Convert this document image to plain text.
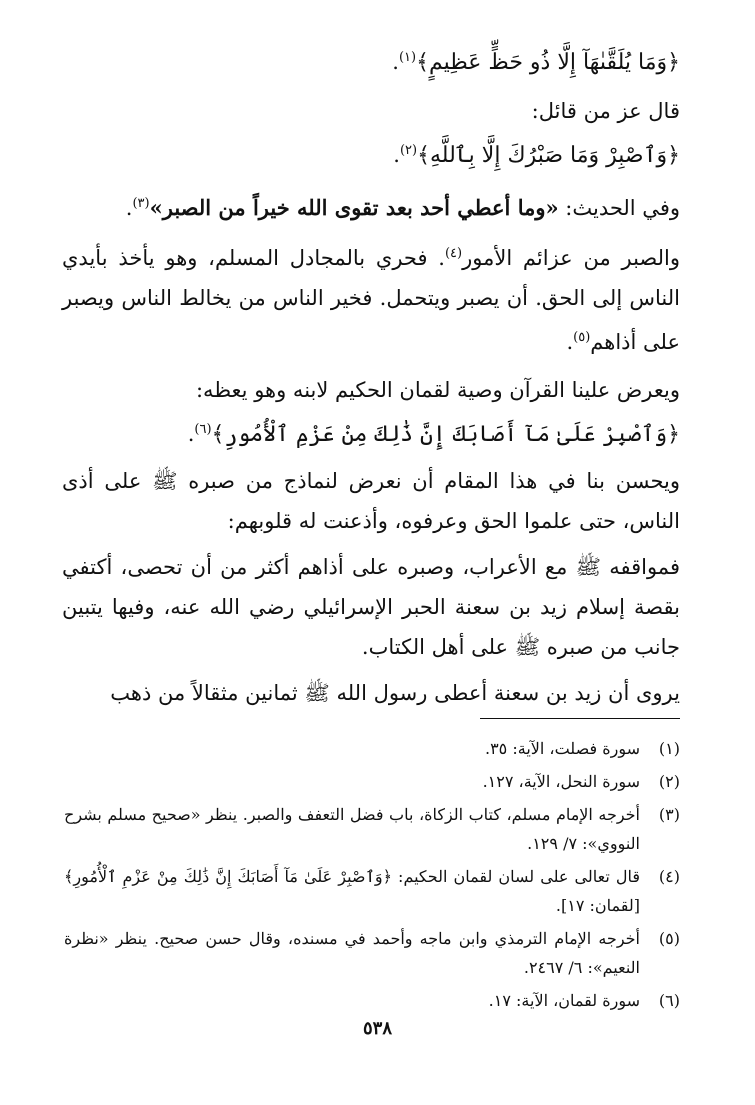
﴿وَمَا يُلَقَّىٰهَآ إِلَّا ذُو حَظٍّ عَظِيمٍ﴾$^{(١)}$.
قال عز من قائل:
﴿وَٱصْبِرْ وَمَا صَبْرُكَ إِلَّا بِٱللَّهِ﴾$^{(٢)}$.
وفي الحديث: «وما أعطي أحد بعد تقوى الله خيراً من الصبر»$^{(٣)}$.
والصبر من عزائم الأمور$^{(٤)}$. فحري بالمجادل المسلم، وهو يأخذ بأيدي الناس إلى الحق. أن يصبر ويتحمل. فخير الناس من يخالط الناس ويصبر على أذاهم$^{(٥)}$.
ويعرض علينا القرآن وصية لقمان الحكيم لابنه وهو يعظه:
﴿وَٱصْبِرْ عَلَىٰ مَآ أَصَابَكَ إِنَّ ذَٰلِكَ مِنْ عَزْمِ ٱلْأُمُورِ﴾$^{(٦)}$.
ويحسن بنا في هذا المقام أن نعرض لنماذج من صبره ﷺ على أذى الناس، حتى علموا الحق وعرفوه، وأذعنت له قلوبهم:
فمواقفه ﷺ مع الأعراب، وصبره على أذاهم أكثر من أن تحصى، أكتفي بقصة إسلام زيد بن سعنة الحبر الإسرائيلي رضي الله عنه، وفيها يتبين جانب من صبره ﷺ على أهل الكتاب.
يروى أن زيد بن سعنة أعطى رسول الله ﷺ ثمانين مثقالاً من ذهب
(١)
سورة فصلت، الآية: ٣٥.
(٢)
سورة النحل، الآية، ١٢٧.
(٣)
أخرجه الإمام مسلم، كتاب الزكاة، باب فضل التعفف والصبر. ينظر «صحيح مسلم بشرح النووي»: ٧/ ١٢٩.
(٤)
قال تعالى على لسان لقمان الحكيم: ﴿وَٱصْبِرْ عَلَىٰ مَآ أَصَابَكَ إِنَّ ذَٰلِكَ مِنْ عَزْمِ ٱلْأُمُورِ﴾ [لقمان: ١٧].
(٥)
أخرجه الإمام الترمذي وابن ماجه وأحمد في مسنده، وقال حسن صحيح. ينظر «نظرة النعيم»: ٦/ ٢٤٦٧.
(٦)
سورة لقمان، الآية: ١٧.
٥٣٨
